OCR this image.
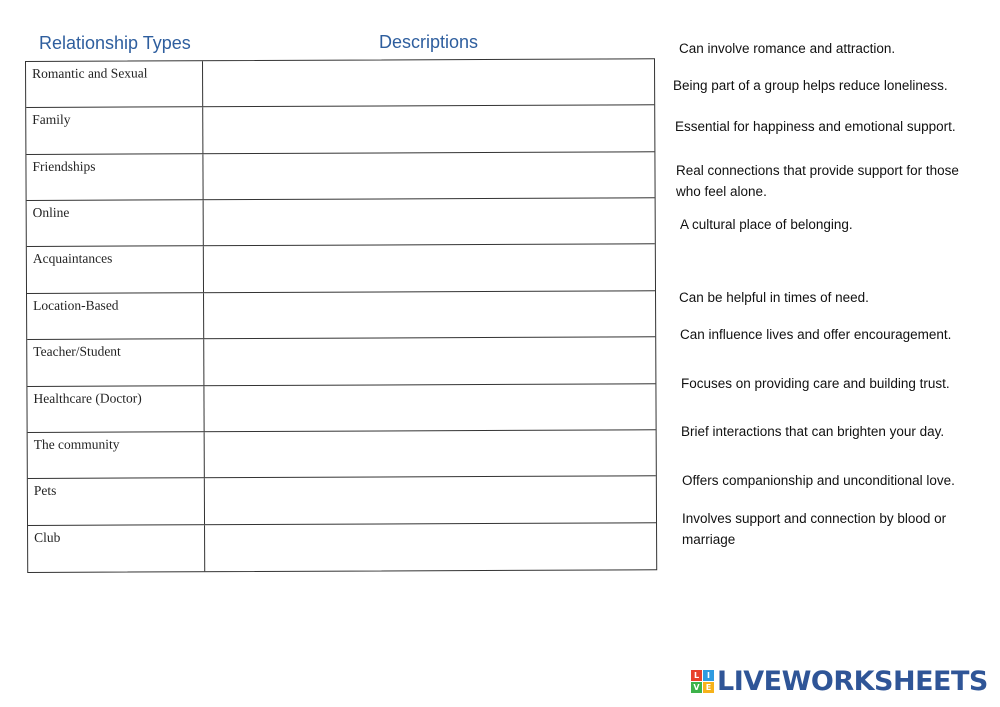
Relationship Types	Descriptions
Romantic and Sexual
Family
Friendships
Online
Acquaintances
Location-Based
Teacher/Student
Healthcare (Doctor)
The community
Pets
Club
Can involve romance and attraction.
Being part of a group helps reduce loneliness.
Essential for happiness and emotional support.
Real connections that provide support for those who feel alone.
A cultural place of belonging.
Can be helpful in times of need.
Can influence lives and offer encouragement.
Focuses on providing care and building trust.
Brief interactions that can brighten your day.
Offers companionship and unconditional love.
Involves support and connection by blood or marriage
L I
V E LIVEWORKSHEETS
